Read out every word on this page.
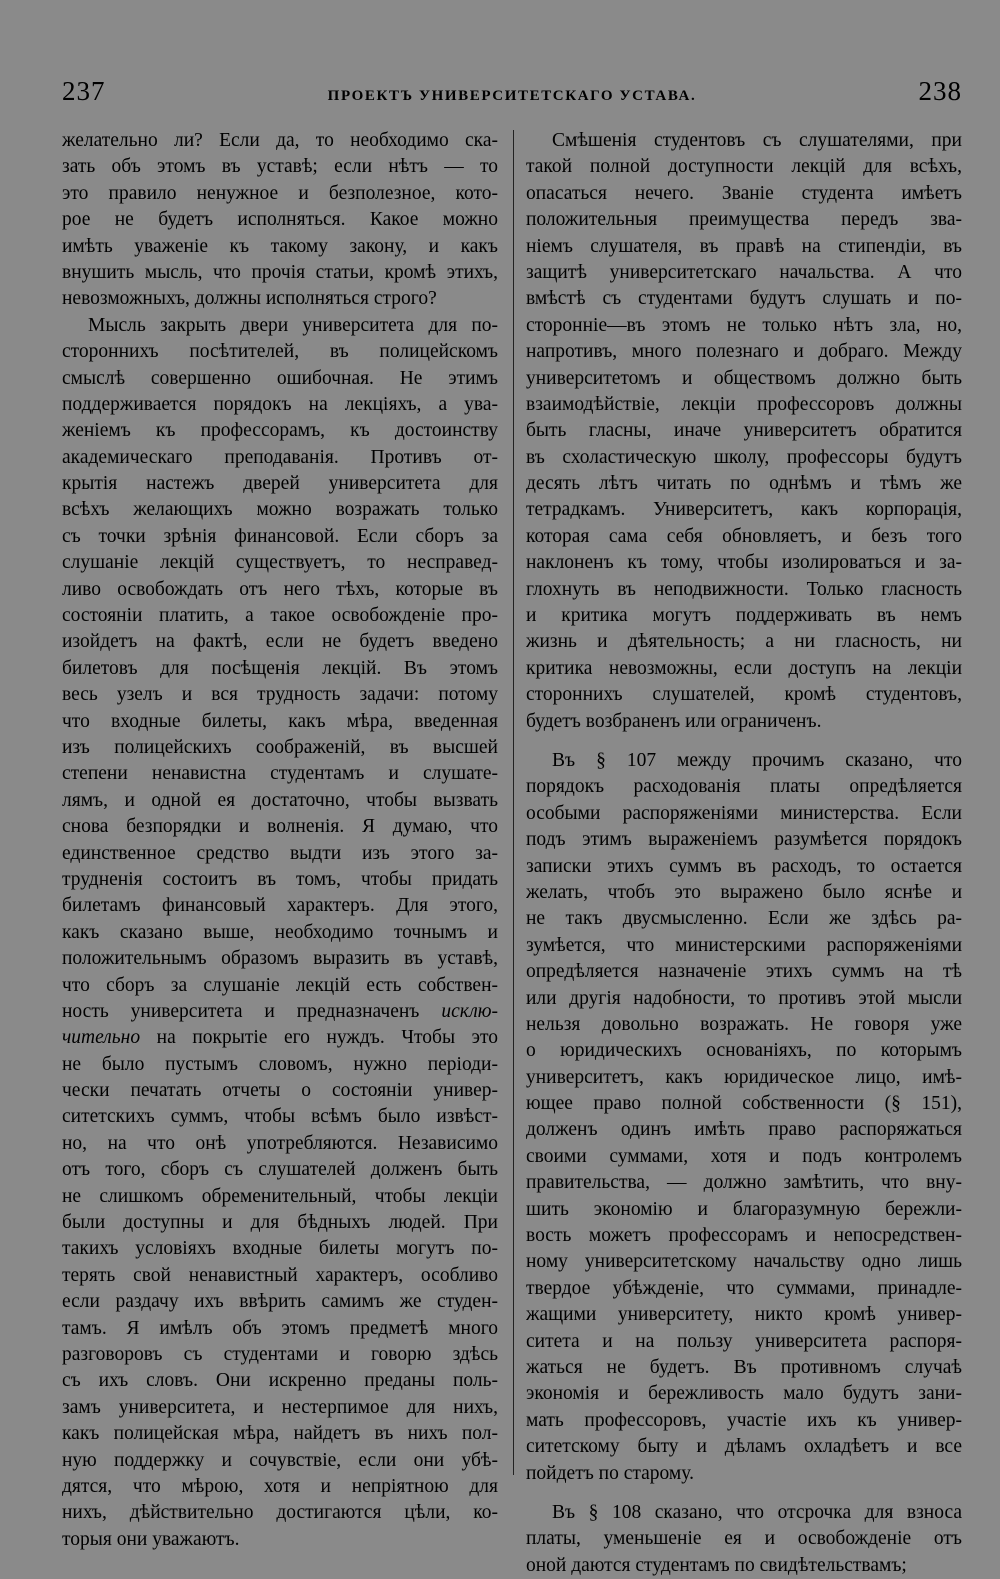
237	ПРОЕКТЪ УНИВЕРСИТЕТСКАГО УСТАВА.	238

желательно ли? Если да, то необходимо ска-
зать объ этомъ въ уставѣ; если нѣтъ — то
это правило ненужное и безполезное, кото-
рое не будетъ исполняться. Какое можно
имѣть уваженіе къ такому закону, и какъ
внушить мысль, что прочія статьи, кромѣ этихъ,
невозможныхъ, должны исполняться строго?

Мысль закрыть двери университета для по-
стороннихъ посѣтителей, въ полицейскомъ
смыслѣ совершенно ошибочная. Не этимъ
поддерживается порядокъ на лекціяхъ, а ува-
женіемъ къ профессорамъ, къ достоинству
академическаго преподаванія. Противъ от-
крытія настежъ дверей университета для
всѣхъ желающихъ можно возражать только
съ точки зрѣнія финансовой. Если сборъ за
слушаніе лекцій существуетъ, то несправед-
ливо освобождать отъ него тѣхъ, которые въ
состояніи платить, а такое освобожденіе про-
изойдетъ на фактѣ, если не будетъ введено
билетовъ для посѣщенія лекцій. Въ этомъ
весь узелъ и вся трудность задачи: потому
что входные билеты, какъ мѣра, введенная
изъ полицейскихъ соображеній, въ высшей
степени ненавистна студентамъ и слушате-
лямъ, и одной ея достаточно, чтобы вызвать
снова безпорядки и волненія. Я думаю, что
единственное средство выдти изъ этого за-
трудненія состоитъ въ томъ, чтобы придать
билетамъ финансовый характеръ. Для этого,
какъ сказано выше, необходимо точнымъ и
положительнымъ образомъ выразить въ уставѣ,
что сборъ за слушаніе лекцій есть собствен-
ность университета и предназначенъ исклю-
чительно на покрытіе его нуждъ. Чтобы это
не было пустымъ словомъ, нужно періоди-
чески печатать отчеты о состояніи универ-
ситетскихъ суммъ, чтобы всѣмъ было извѣст-
но, на что онѣ употребляются. Независимо
отъ того, сборъ съ слушателей долженъ быть
не слишкомъ обременительный, чтобы лекціи
были доступны и для бѣдныхъ людей. При
такихъ условіяхъ входные билеты могутъ по-
терять свой ненавистный характеръ, особливо
если раздачу ихъ ввѣрить самимъ же студен-
тамъ. Я имѣлъ объ этомъ предметѣ много
разговоровъ съ студентами и говорю здѣсь
съ ихъ словъ. Они искренно преданы поль-
замъ университета, и нестерпимое для нихъ,
какъ полицейская мѣра, найдетъ въ нихъ пол-
ную поддержку и сочувствіе, если они убѣ-
дятся, что мѣрою, хотя и непріятною для
нихъ, дѣйствительно достигаются цѣли, ко-
торыя они уважаютъ.

Смѣшенія студентовъ съ слушателями, при
такой полной доступности лекцій для всѣхъ,
опасаться нечего. Званіе студента имѣетъ
положительныя преимущества передъ зва-
ніемъ слушателя, въ правѣ на стипендіи, въ
защитѣ университетскаго начальства. А что
вмѣстѣ съ студентами будутъ слушать и по-
сторонніе—въ этомъ не только нѣтъ зла, но,
напротивъ, много полезнаго и добраго. Между
университетомъ и обществомъ должно быть
взаимодѣйствіе, лекціи профессоровъ должны
быть гласны, иначе университетъ обратится
въ схоластическую школу, профессоры будутъ
десять лѣтъ читать по однѣмъ и тѣмъ же
тетрадкамъ. Университетъ, какъ корпорація,
которая сама себя обновляетъ, и безъ того
наклоненъ къ тому, чтобы изолироваться и за-
глохнуть въ неподвижности. Только гласность
и критика могутъ поддерживать въ немъ
жизнь и дѣятельность; а ни гласность, ни
критика невозможны, если доступъ на лекціи
стороннихъ слушателей, кромѣ студентовъ,
будетъ возбраненъ или ограниченъ.

Въ § 107 между прочимъ сказано, что
порядокъ расходованія платы опредѣляется
особыми распоряженіями министерства. Если
подъ этимъ выраженіемъ разумѣется порядокъ
записки этихъ суммъ въ расходъ, то остается
желать, чтобъ это выражено было яснѣе и
не такъ двусмысленно. Если же здѣсь ра-
зумѣется, что министерскими распоряженіями
опредѣляется назначеніе этихъ суммъ на тѣ
или другія надобности, то противъ этой мысли
нельзя довольно возражать. Не говоря уже
о юридическихъ основаніяхъ, по которымъ
университетъ, какъ юридическое лицо, имѣ-
ющее право полной собственности (§ 151),
долженъ одинъ имѣть право распоряжаться
своими суммами, хотя и подъ контролемъ
правительства, — должно замѣтить, что вну-
шить экономію и благоразумную бережли-
вость можетъ профессорамъ и непосредствен-
ному университетскому начальству одно лишь
твердое убѣжденіе, что суммами, принадле-
жащими университету, никто кромѣ универ-
ситета и на пользу университета распоря-
жаться не будетъ. Въ противномъ случаѣ
экономія и бережливость мало будутъ зани-
мать профессоровъ, участіе ихъ къ универ-
ситетскому быту и дѣламъ охладѣетъ и все
пойдетъ по старому.

Въ § 108 сказано, что отсрочка для взноса
платы, уменьшеніе ея и освобожденіе отъ
оной даются студентамъ по свидѣтельствамъ;
